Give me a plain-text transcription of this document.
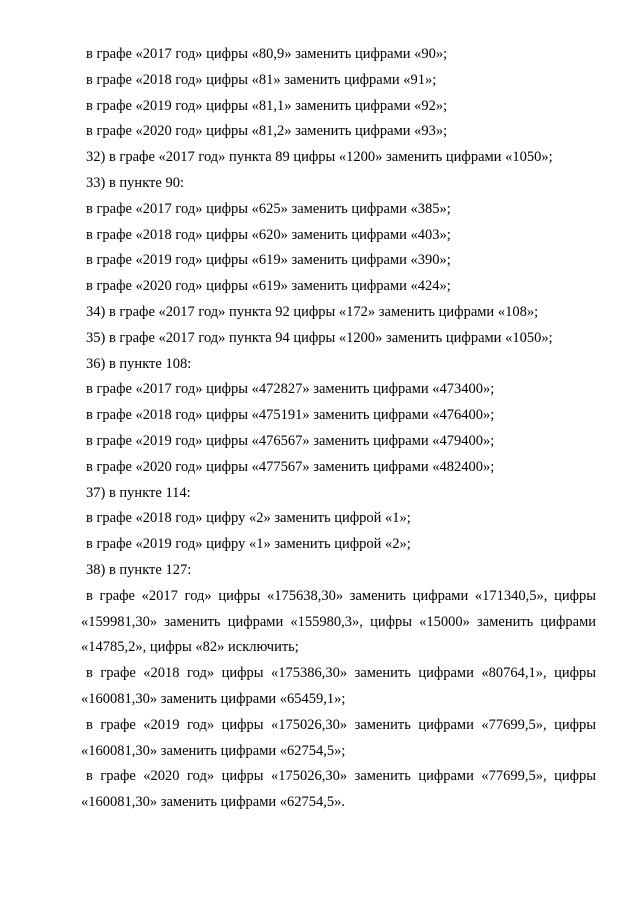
в графе «2017 год» цифры «80,9» заменить цифрами «90»;
в графе «2018 год» цифры «81» заменить цифрами «91»;
в графе «2019 год» цифры «81,1» заменить цифрами «92»;
в графе «2020 год» цифры «81,2» заменить цифрами «93»;
32) в графе «2017 год» пункта 89 цифры «1200» заменить цифрами «1050»;
33) в пункте 90:
в графе «2017 год» цифры «625» заменить цифрами «385»;
в графе «2018 год» цифры «620» заменить цифрами «403»;
в графе «2019 год» цифры «619» заменить цифрами «390»;
в графе «2020 год» цифры «619» заменить цифрами «424»;
34) в графе «2017 год» пункта 92 цифры «172» заменить цифрами «108»;
35) в графе «2017 год» пункта 94 цифры «1200» заменить цифрами «1050»;
36) в пункте 108:
в графе «2017 год» цифры «472827» заменить цифрами «473400»;
в графе «2018 год» цифры «475191» заменить цифрами «476400»;
в графе «2019 год» цифры «476567» заменить цифрами «479400»;
в графе «2020 год» цифры «477567» заменить цифрами «482400»;
37) в пункте 114:
в графе «2018 год» цифру «2» заменить цифрой «1»;
в графе «2019 год» цифру «1» заменить цифрой «2»;
38) в пункте 127:
в графе «2017 год» цифры «175638,30» заменить цифрами «171340,5», цифры
«159981,30» заменить цифрами «155980,3», цифры «15000» заменить цифрами
«14785,2», цифры «82» исключить;
в графе «2018 год» цифры «175386,30» заменить цифрами «80764,1», цифры
«160081,30» заменить цифрами «65459,1»;
в графе «2019 год» цифры «175026,30» заменить цифрами «77699,5», цифры
«160081,30» заменить цифрами «62754,5»;
в графе «2020 год» цифры «175026,30» заменить цифрами «77699,5», цифры
«160081,30» заменить цифрами «62754,5».
